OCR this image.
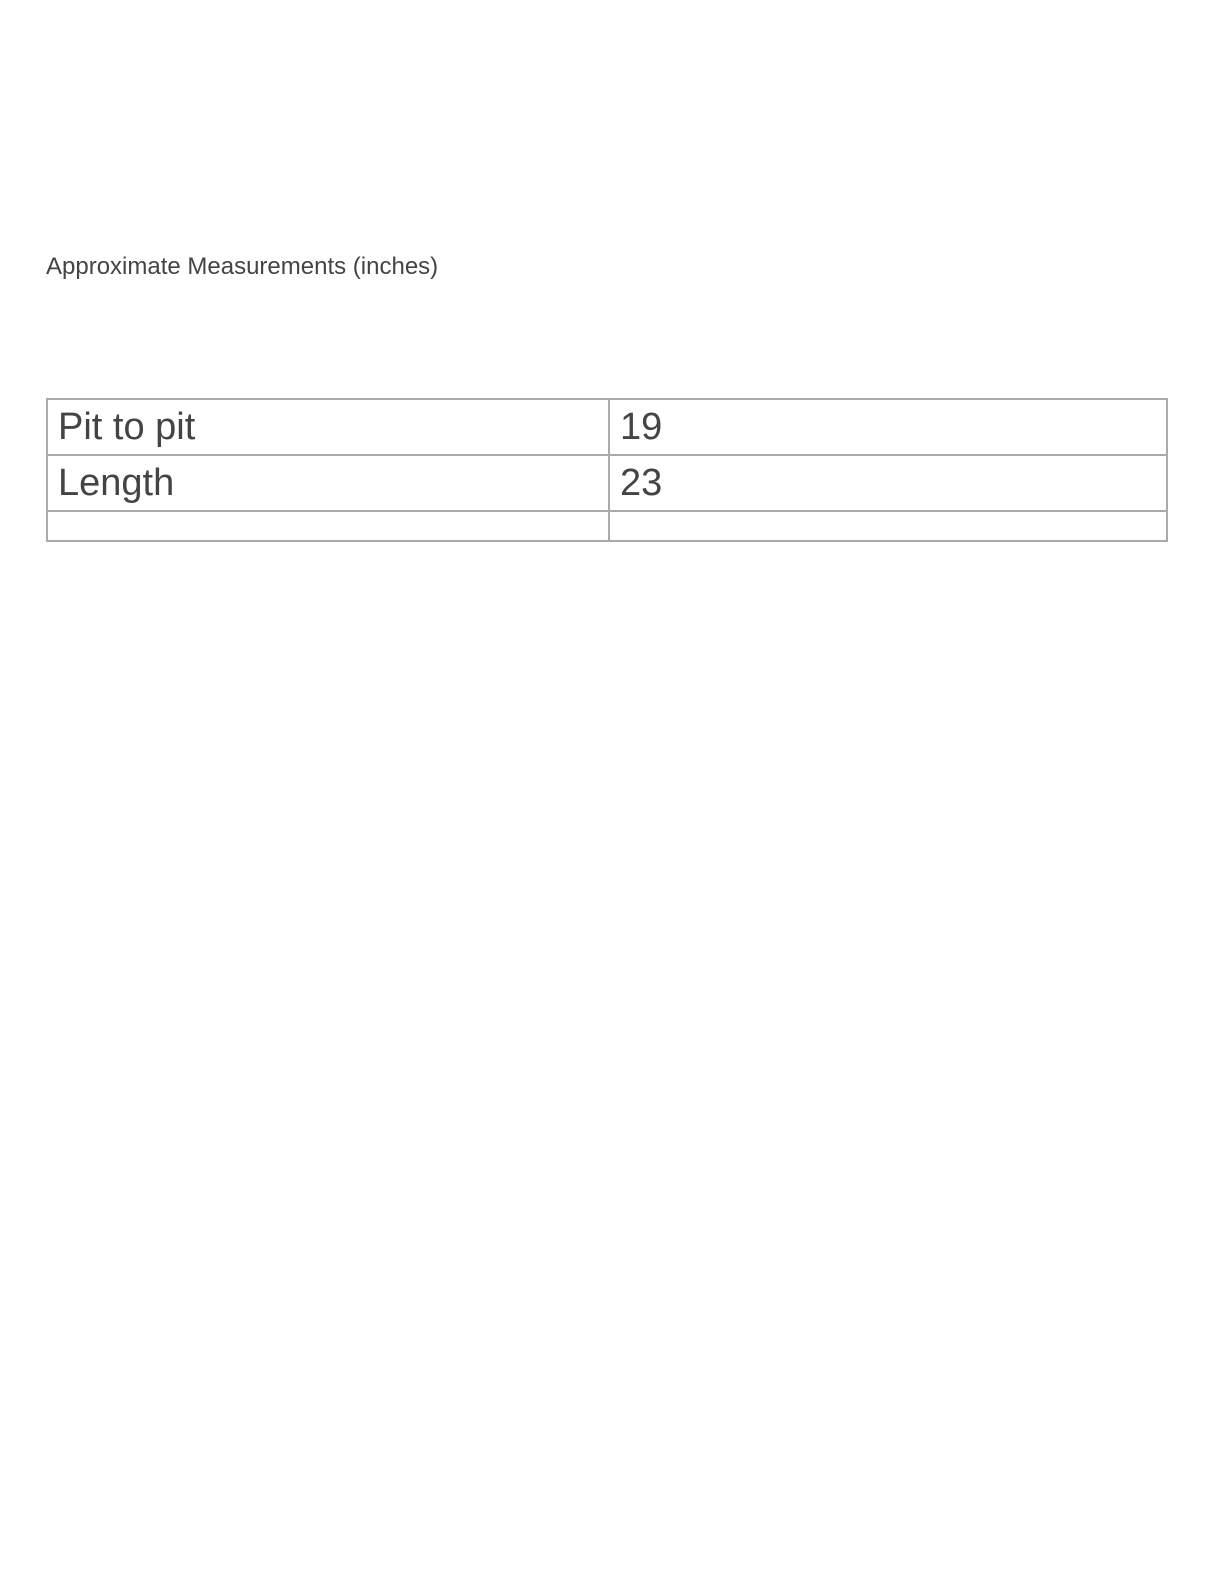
Approximate Measurements (inches)
Pit to pit	19
Length	23
